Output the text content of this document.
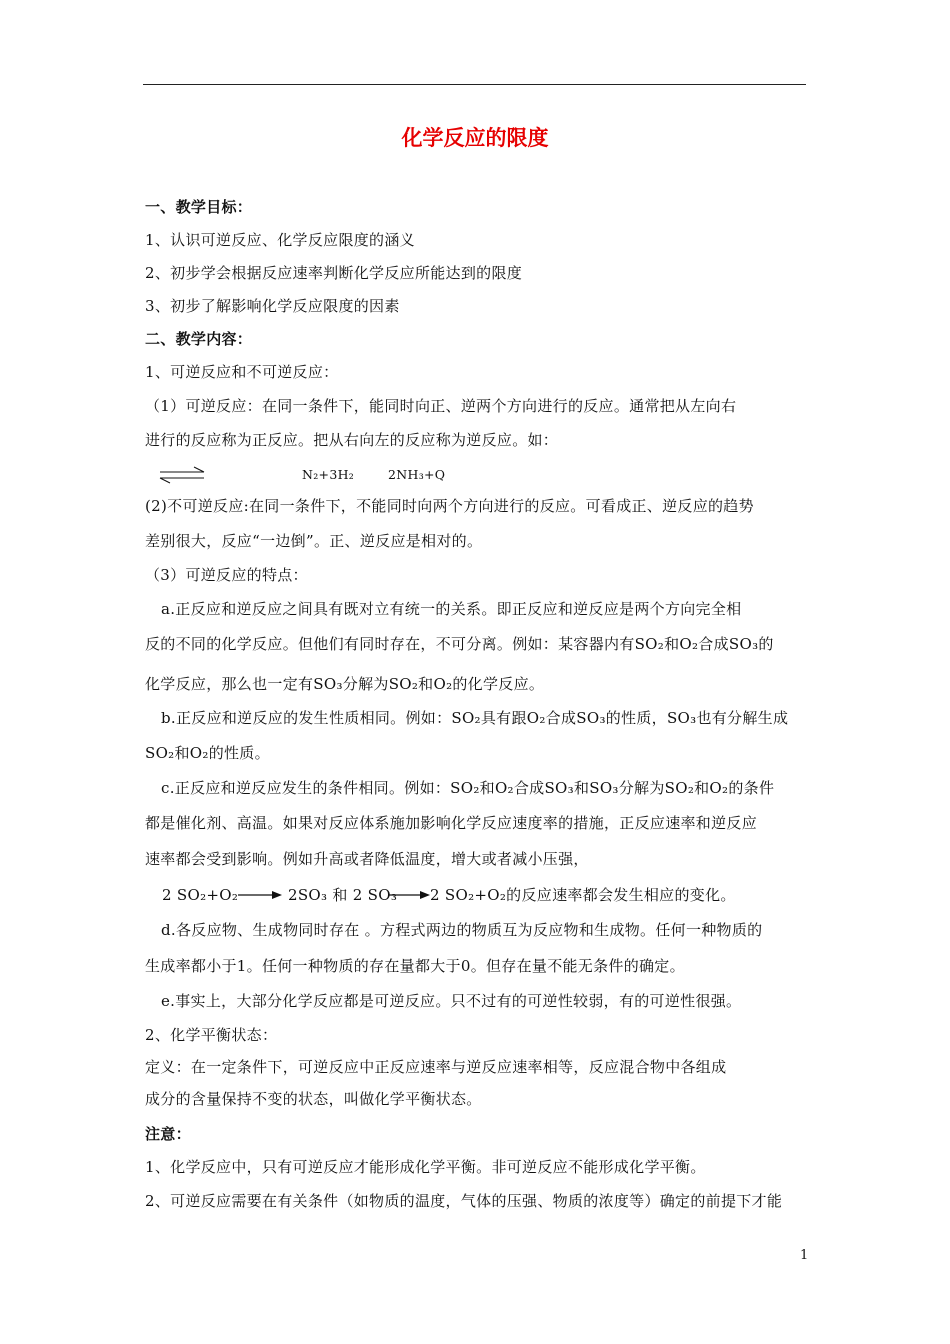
化学反应的限度
一、教学目标：
1、认识可逆反应、化学反应限度的涵义
2、初步学会根据反应速率判断化学反应所能达到的限度
3、初步了解影响化学反应限度的因素
二、教学内容：
1、可逆反应和不可逆反应：
（1）可逆反应：在同一条件下，能同时向正、逆两个方向进行的反应。通常把从左向右
进行的反应称为正反应。把从右向左的反应称为逆反应。如：
N₂+3H₂	2NH₃+Q
(2)不可逆反应:在同一条件下，不能同时向两个方向进行的反应。可看成正、逆反应的趋势
差别很大，反应“一边倒”。正、逆反应是相对的。
（3）可逆反应的特点：
a.正反应和逆反应之间具有既对立有统一的关系。即正反应和逆反应是两个方向完全相
反的不同的化学反应。但他们有同时存在，不可分离。例如：某容器内有SO₂和O₂合成SO₃的
化学反应，那么也一定有SO₃分解为SO₂和O₂的化学反应。
b.正反应和逆反应的发生性质相同。例如：SO₂具有跟O₂合成SO₃的性质，SO₃也有分解生成
SO₂和O₂的性质。
c.正反应和逆反应发生的条件相同。例如：SO₂和O₂合成SO₃和SO₃分解为SO₂和O₂的条件
都是催化剂、高温。如果对反应体系施加影响化学反应速度率的措施，正反应速率和逆反应
速率都会受到影响。例如升高或者降低温度，增大或者减小压强，
2 SO₂+O₂	2SO₃ 和 2 SO₃ 2 SO₂+O₂的反应速率都会发生相应的变化。
d.各反应物、生成物同时存在 。方程式两边的物质互为反应物和生成物。任何一种物质的
生成率都小于1。任何一种物质的存在量都大于0。但存在量不能无条件的确定。
e.事实上，大部分化学反应都是可逆反应。只不过有的可逆性较弱，有的可逆性很强。
2、化学平衡状态：
定义：在一定条件下，可逆反应中正反应速率与逆反应速率相等，反应混合物中各组成
成分的含量保持不变的状态，叫做化学平衡状态。
注意：
1、化学反应中，只有可逆反应才能形成化学平衡。非可逆反应不能形成化学平衡。
2、可逆反应需要在有关条件（如物质的温度，气体的压强、物质的浓度等）确定的前提下才能
1
